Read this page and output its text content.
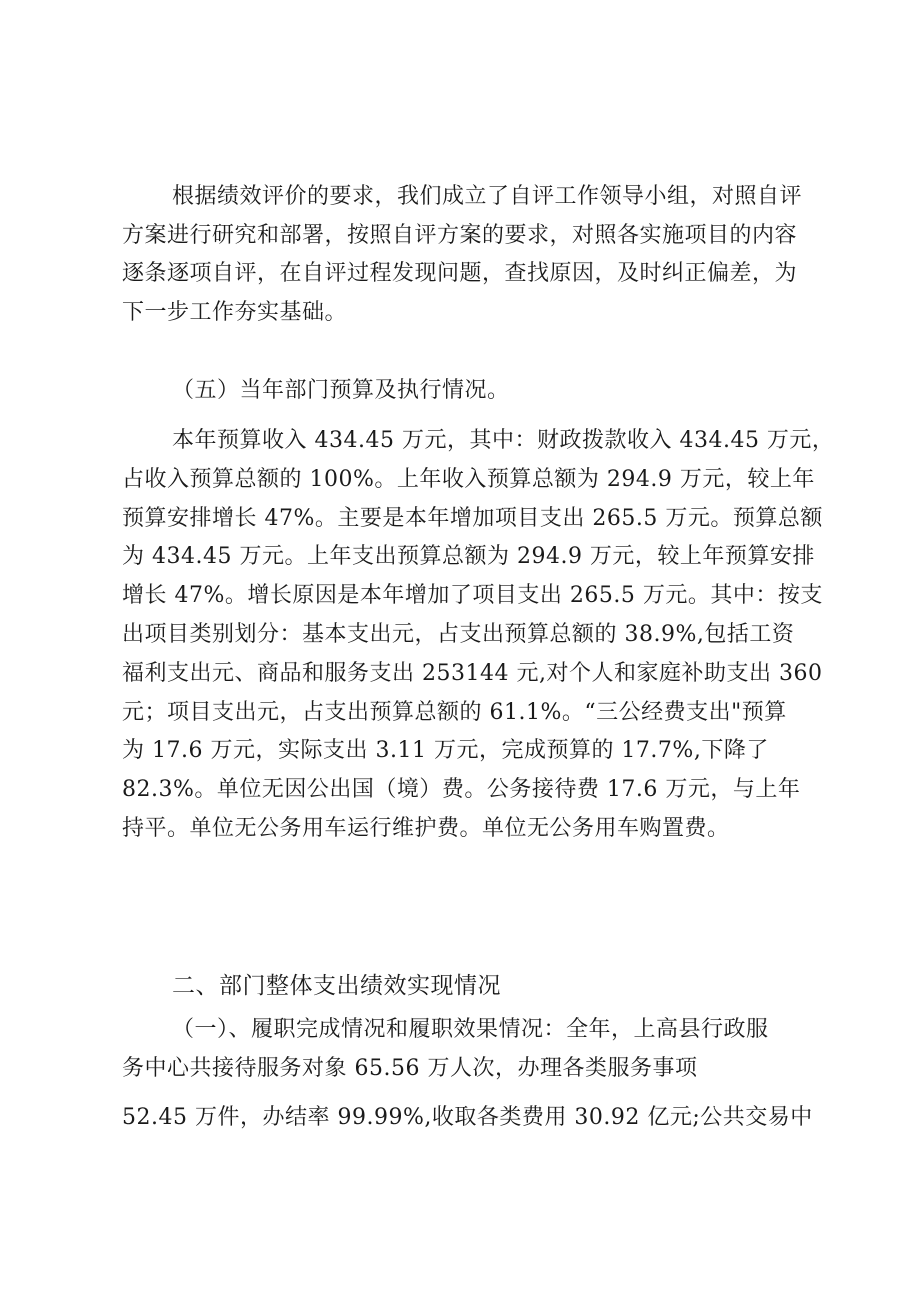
根据绩效评价的要求，我们成立了自评工作领导小组，对照自评
方案进行研究和部署，按照自评方案的要求，对照各实施项目的内容
逐条逐项自评，在自评过程发现问题，查找原因，及时纠正偏差，为
下一步工作夯实基础。
（五）当年部门预算及执行情况。
本年预算收入 434.45 万元，其中：财政拨款收入 434.45 万元，
占收入预算总额的 100%。上年收入预算总额为 294.9 万元，较上年
预算安排增长 47%。主要是本年增加项目支出 265.5 万元。预算总额
为 434.45 万元。上年支出预算总额为 294.9 万元，较上年预算安排
增长 47%。增长原因是本年增加了项目支出 265.5 万元。其中：按支
出项目类别划分：基本支出元，占支出预算总额的 38.9%,包括工资
福利支出元、商品和服务支出 253144 元,对个人和家庭补助支出 360
元；项目支出元，占支出预算总额的 61.1%。“三公经费支出"预算
为 17.6 万元，实际支出 3.11 万元，完成预算的 17.7%,下降了
82.3%。单位无因公出国（境）费。公务接待费 17.6 万元，与上年
持平。单位无公务用车运行维护费。单位无公务用车购置费。
二、部门整体支出绩效实现情况
（一）、履职完成情况和履职效果情况：全年，上高县行政服
务中心共接待服务对象 65.56 万人次，办理各类服务事项
52.45 万件，办结率 99.99%,收取各类费用 30.92 亿元;公共交易中
